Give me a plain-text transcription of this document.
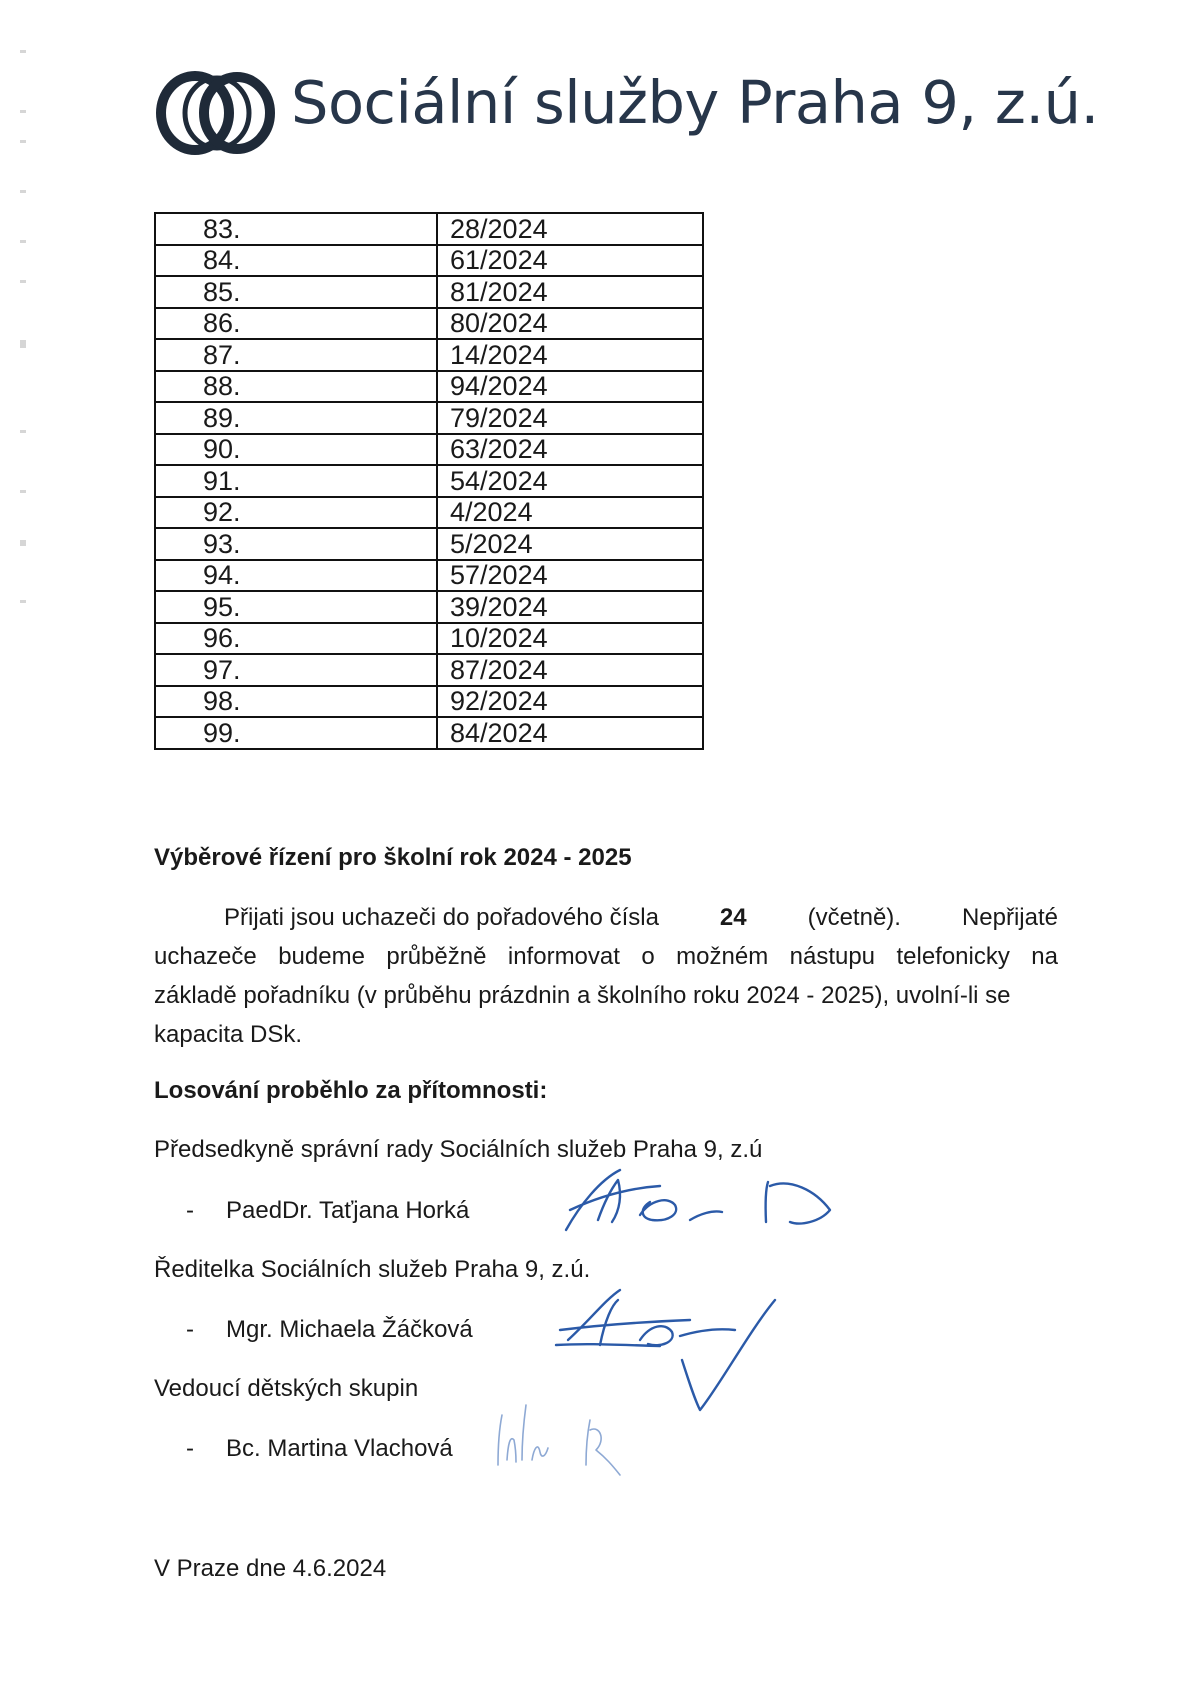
Sociální služby Praha 9, z.ú.
83.	28/2024
84.	61/2024
85.	81/2024
86.	80/2024
87.	14/2024
88.	94/2024
89.	79/2024
90.	63/2024
91.	54/2024
92.	4/2024
93.	5/2024
94.	57/2024
95.	39/2024
96.	10/2024
97.	87/2024
98.	92/2024
99.	84/2024
Výběrové řízení pro školní rok 2024 - 2025
Přijati jsou uchazeči do pořadového čísla	24	(včetně).	Nepřijaté
uchazeče budeme průběžně informovat o možném nástupu telefonicky na
základě pořadníku (v průběhu prázdnin a školního roku 2024 - 2025), uvolní-li se
kapacita DSk.
Losování proběhlo za přítomnosti:
Předsedkyně správní rady Sociálních služeb Praha 9, z.ú
- PaedDr. Taťjana Horká
Ředitelka Sociálních služeb Praha 9, z.ú.
- Mgr. Michaela Žáčková
Vedoucí dětských skupin
- Bc. Martina Vlachová
V Praze dne 4.6.2024
